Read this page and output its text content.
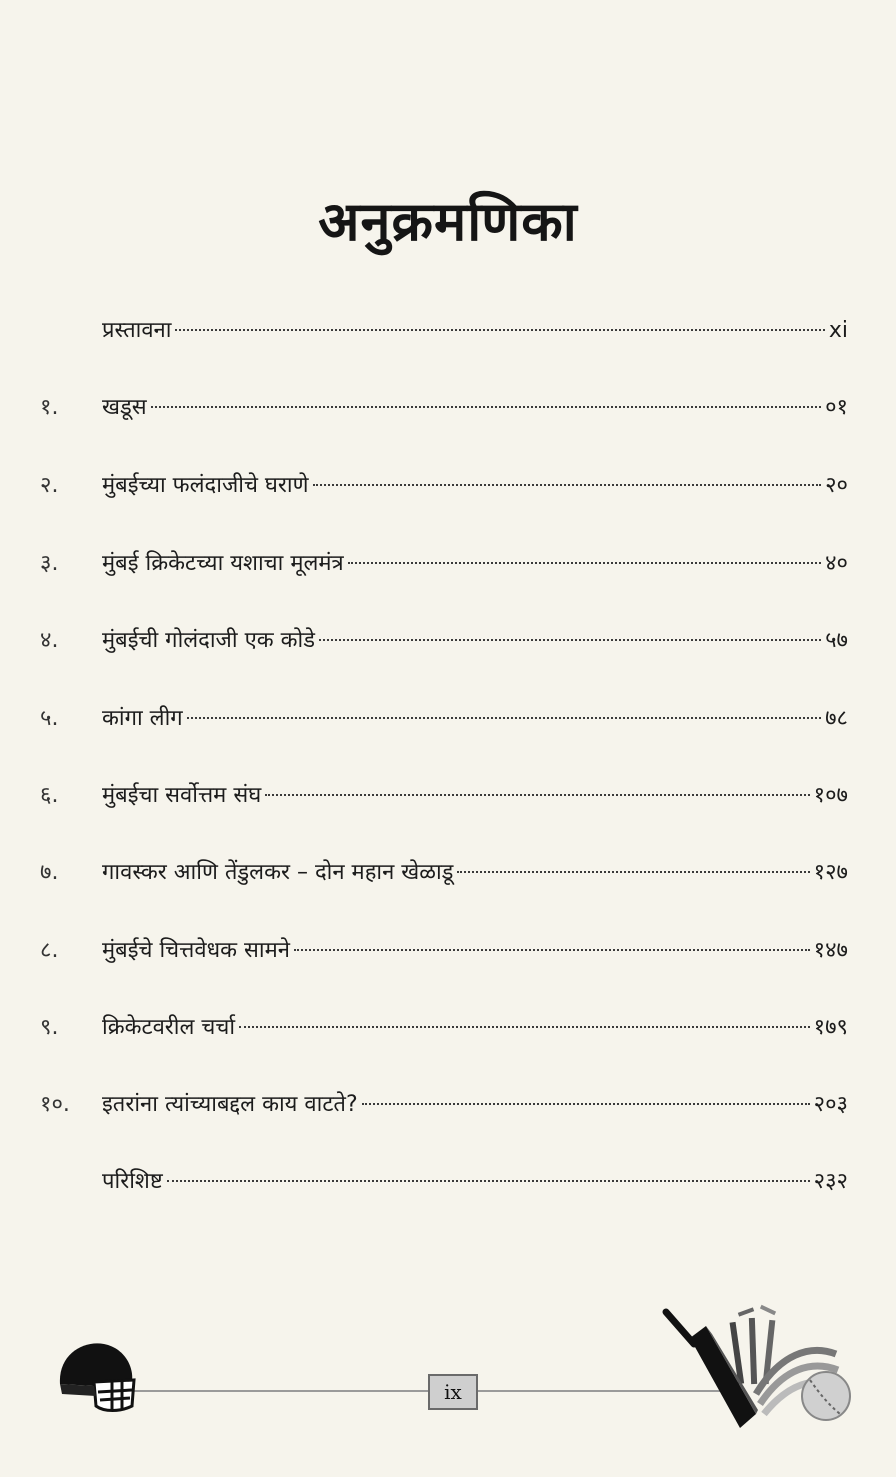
अनुक्रमणिका
प्रस्तावना	xi
१.	खडूस	०१
२.	मुंबईच्या फलंदाजीचे घराणे	२०
३.	मुंबई क्रिकेटच्या यशाचा मूलमंत्र	४०
४.	मुंबईची गोलंदाजी एक कोडे	५७
५.	कांगा लीग	७८
६.	मुंबईचा सर्वोत्तम संघ	१०७
७.	गावस्कर आणि तेंडुलकर – दोन महान खेळाडू	१२७
८.	मुंबईचे चित्तवेधक सामने	१४७
९.	क्रिकेटवरील चर्चा	१७९
१०.	इतरांना त्यांच्याबद्दल काय वाटते?	२०३
परिशिष्ट	२३२
ix
